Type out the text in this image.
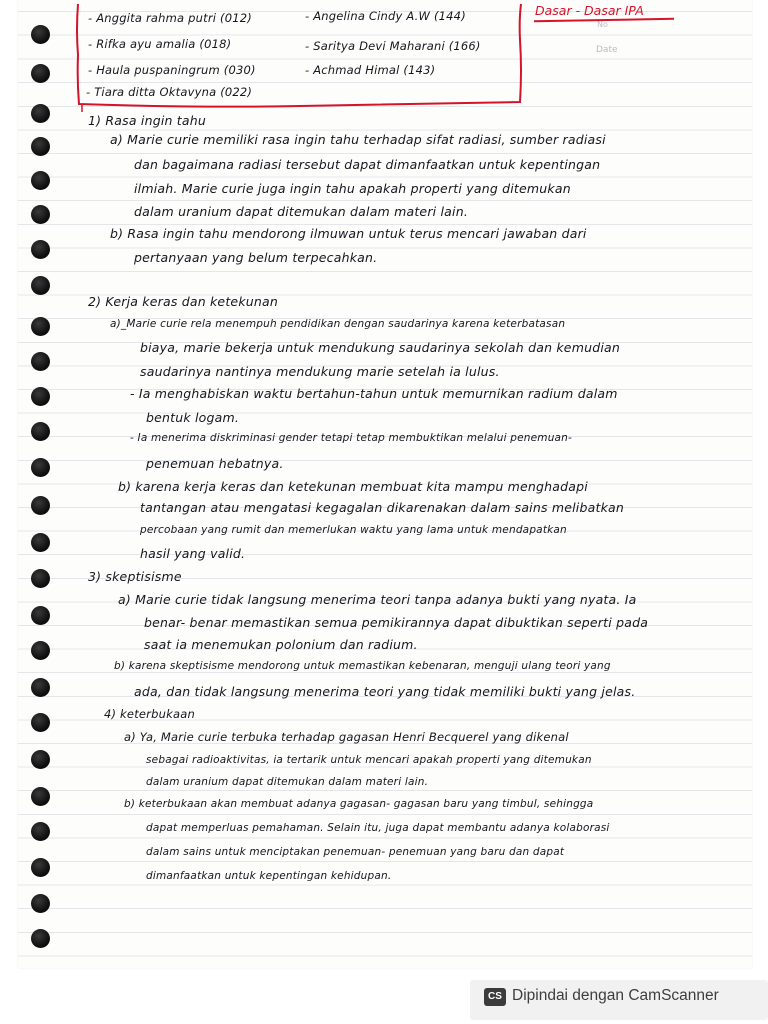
No
Date
Dasar - Dasar IPA
- Anggita rahma putri (012)	- Angelina Cindy A.W (144)
- Rifka ayu amalia (018)	- Saritya Devi Maharani (166)
- Haula puspaningrum (030)	- Achmad Himal (143)
- Tiara ditta Oktavyna (022)
1) Rasa ingin tahu
a) Marie curie memiliki rasa ingin tahu terhadap sifat radiasi, sumber radiasi
dan bagaimana radiasi tersebut dapat dimanfaatkan untuk kepentingan
ilmiah. Marie curie juga ingin tahu apakah properti yang ditemukan
dalam uranium dapat ditemukan dalam materi lain.
b) Rasa ingin tahu mendorong ilmuwan untuk terus mencari jawaban dari
pertanyaan yang belum terpecahkan.
2) Kerja keras dan ketekunan
a)_Marie curie rela menempuh pendidikan dengan saudarinya karena keterbatasan
biaya, marie bekerja untuk mendukung saudarinya sekolah dan kemudian
saudarinya nantinya mendukung marie setelah ia lulus.
- Ia menghabiskan waktu bertahun-tahun untuk memurnikan radium dalam
bentuk logam.
- Ia menerima diskriminasi gender tetapi tetap membuktikan melalui penemuan-
penemuan hebatnya.
b) karena kerja keras dan ketekunan membuat kita mampu menghadapi
tantangan atau mengatasi kegagalan dikarenakan dalam sains melibatkan
percobaan yang rumit dan memerlukan waktu yang lama untuk mendapatkan
hasil yang valid.
3) skeptisisme
a) Marie curie tidak langsung menerima teori tanpa adanya bukti yang nyata. Ia
benar- benar memastikan semua pemikirannya dapat dibuktikan seperti pada
saat ia menemukan polonium dan radium.
b) karena skeptisisme mendorong untuk memastikan kebenaran, menguji ulang teori yang
ada, dan tidak langsung menerima teori yang tidak memiliki bukti yang jelas.
4) keterbukaan
a) Ya, Marie curie terbuka terhadap gagasan Henri Becquerel yang dikenal
sebagai radioaktivitas, ia tertarik untuk mencari apakah properti yang ditemukan
dalam uranium dapat ditemukan dalam materi lain.
b) keterbukaan akan membuat adanya gagasan- gagasan baru yang timbul, sehingga
dapat memperluas pemahaman. Selain itu, juga dapat membantu adanya kolaborasi
dalam sains untuk menciptakan penemuan- penemuan yang baru dan dapat
dimanfaatkan untuk kepentingan kehidupan.
CS Dipindai dengan CamScanner
